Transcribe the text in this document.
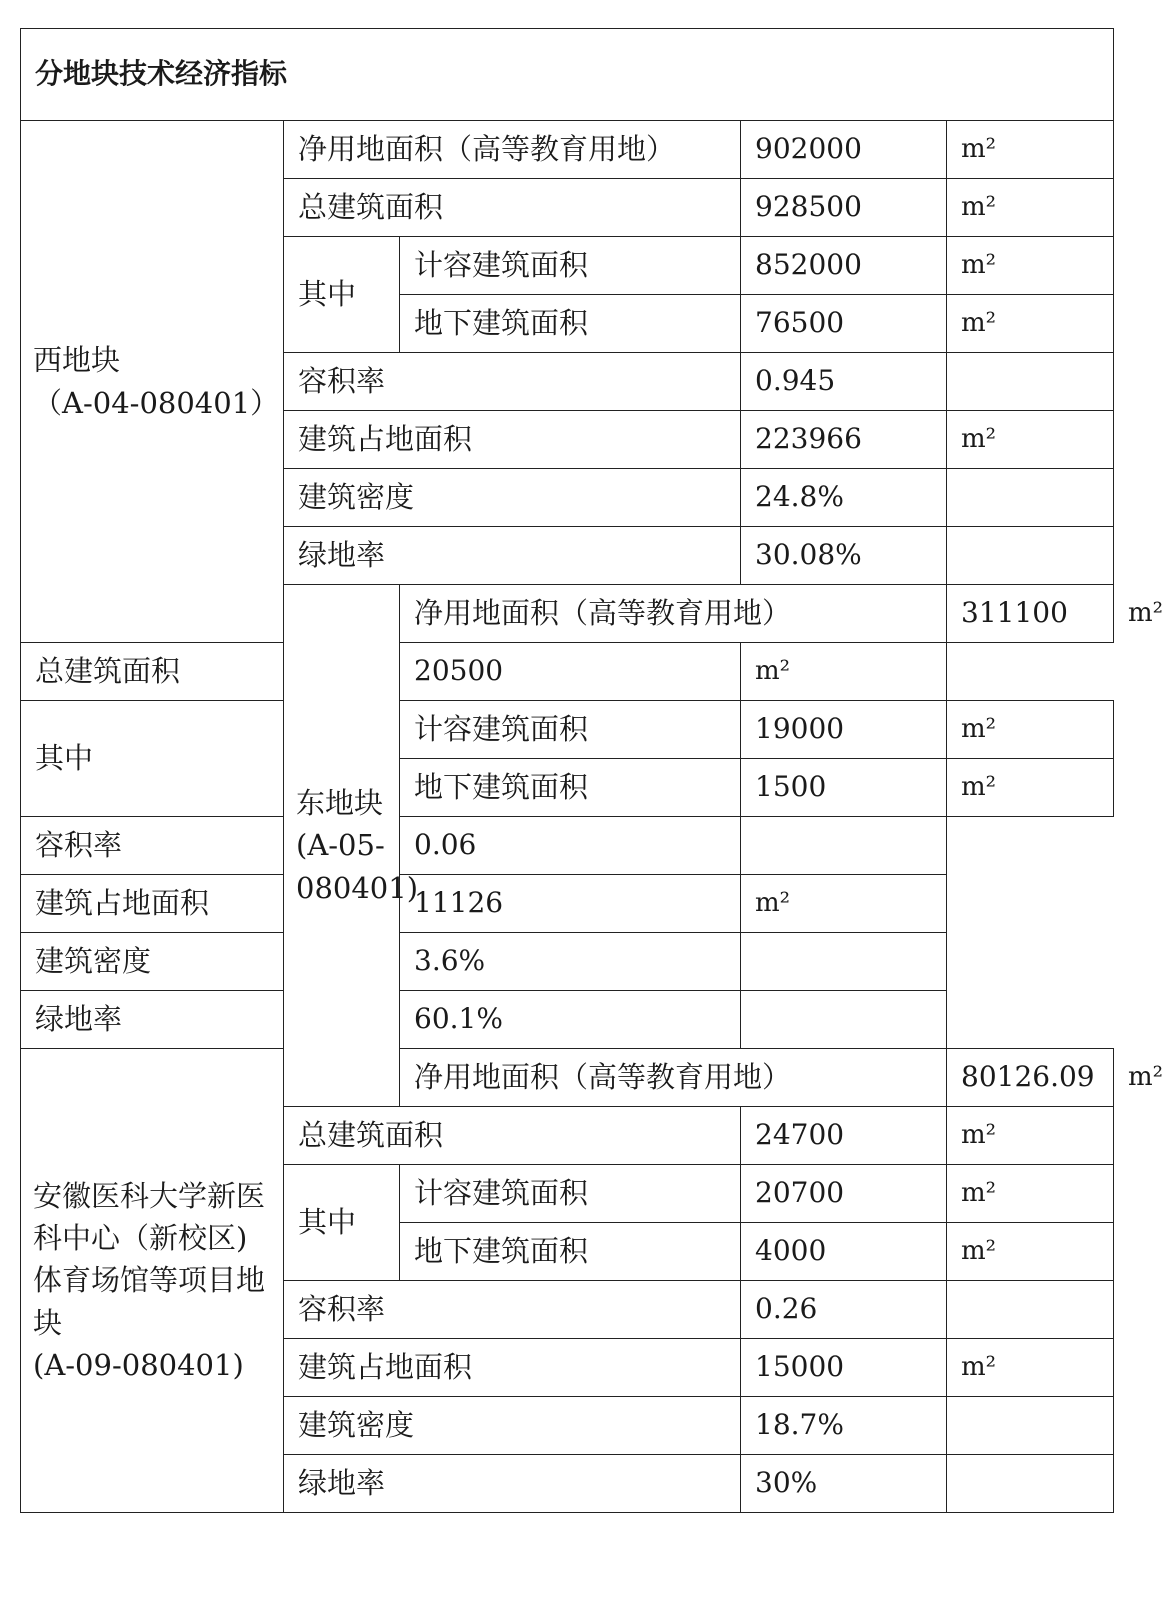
分地块技术经济指标					
西地块
（A-04-080401）	净用地面积（高等教育用地）		902000	m²	
	总建筑面积		928500	m²	
	其中	计容建筑面积	852000	m²	
		地下建筑面积	76500	m²	
	容积率		0.945		
	建筑占地面积		223966	m²	
	建筑密度		24.8%		
	绿地率		30.08%		
	东地块
(A-05-080401)	净用地面积（高等教育用地）		311100	m²
总建筑面积		20500	m²		
其中		计容建筑面积	19000	m²	
		地下建筑面积	1500	m²	
容积率		0.06			
建筑占地面积		11126	m²		
建筑密度		3.6%			
绿地率		60.1%			
安徽医科大学新医科中心（新校区)体育场馆等项目地块
(A-09-080401)		净用地面积（高等教育用地）		80126.09	m²
	总建筑面积		24700	m²	
	其中	计容建筑面积	20700	m²	
		地下建筑面积	4000	m²	
	容积率		0.26		
	建筑占地面积		15000	m²	
	建筑密度		18.7%		
	绿地率		30%		
